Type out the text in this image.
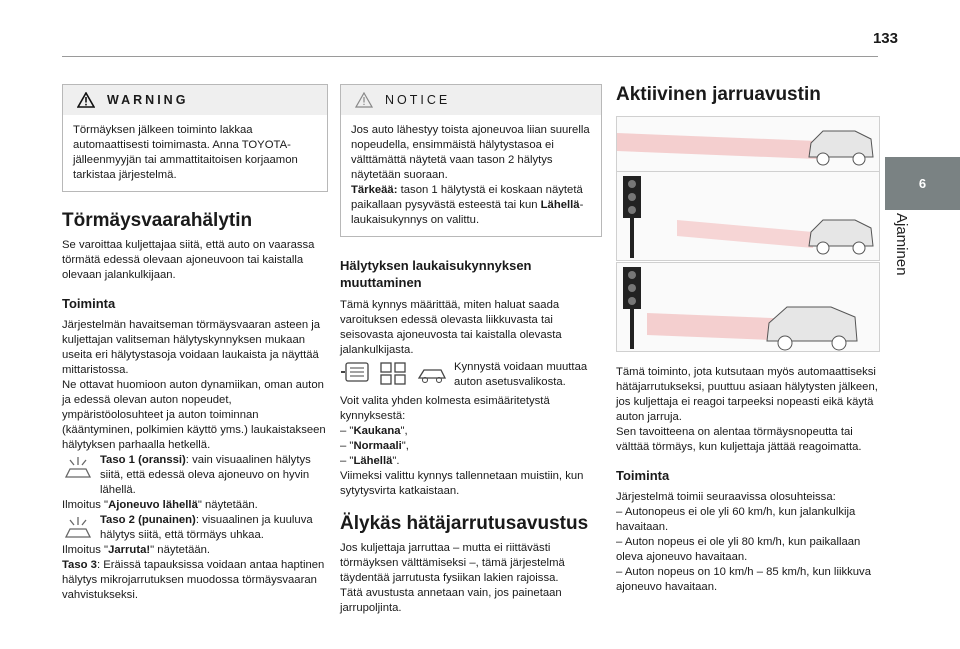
133
6
Ajaminen
WARNING

Törmäyksen jälkeen toiminto lakkaa automaattisesti toimimasta. Anna TOYOTA-jälleenmyyjän tai ammattitaitoisen korjaamon tarkistaa järjestelmä.

Törmäysvaarahälytin

Se varoittaa kuljettajaa siitä, että auto on vaarassa törmätä edessä olevaan ajoneuvoon tai kaistalla olevaan jalankulkijaan.

Toiminta

Järjestelmän havaitseman törmäysvaaran asteen ja kuljettajan valitseman hälytyskynnyksen mukaan useita eri hälytystasoja voidaan laukaista ja näyttää mittaristossa.

Ne ottavat huomioon auton dynamiikan, oman auton ja edessä olevan auton nopeudet, ympäristöolosuhteet ja auton toiminnan (kääntyminen, polkimien käyttö yms.) laukaistakseen hälytyksen parhaalla hetkellä.

Taso 1 (oranssi): vain visuaalinen hälytys siitä, että edessä oleva ajoneuvo on hyvin lähellä.

Ilmoitus "Ajoneuvo lähellä" näytetään.

Taso 2 (punainen): visuaalinen ja kuuluva hälytys siitä, että törmäys uhkaa.

Ilmoitus "Jarruta!" näytetään.

Taso 3: Eräissä tapauksissa voidaan antaa haptinen hälytys mikrojarrutuksen muodossa törmäysvaaran vahvistukseksi.

NOTICE

Jos auto lähestyy toista ajoneuvoa liian suurella nopeudella, ensimmäistä hälytystasoa ei välttämättä näytetä vaan tason 2 hälytys näytetään suoraan.

Tärkeää: tason 1 hälytystä ei koskaan näytetä paikallaan pysyvästä esteestä tai kun Lähellä-laukaisukynnys on valittu.

Hälytyksen laukaisukynnyksen muuttaminen

Tämä kynnys määrittää, miten haluat saada varoituksen edessä olevasta liikkuvasta tai seisovasta ajoneuvosta tai kaistalla olevasta jalankulkijasta.

Kynnystä voidaan muuttaa auton asetusvalikosta.

Voit valita yhden kolmesta esimääritetystä kynnyksestä:

– "Kaukana",

– "Normaali",

– "Lähellä".

Viimeksi valittu kynnys tallennetaan muistiin, kun sytytysvirta katkaistaan.

Älykäs hätäjarrutusavustus

Jos kuljettaja jarruttaa – mutta ei riittävästi törmäyksen välttämiseksi –, tämä järjestelmä täydentää jarrutusta fysiikan lakien rajoissa.

Tätä avustusta annetaan vain, jos painetaan jarrupoljinta.

Aktiivinen jarruavustin

Tämä toiminto, jota kutsutaan myös automaattiseksi hätäjarrutukseksi, puuttuu asiaan hälytysten jälkeen, jos kuljettaja ei reagoi tarpeeksi nopeasti eikä käytä auton jarruja.

Sen tavoitteena on alentaa törmäysnopeutta tai välttää törmäys, kun kuljettaja jättää reagoimatta.

Toiminta

Järjestelmä toimii seuraavissa olosuhteissa:

– Autonopeus ei ole yli 60 km/h, kun jalankulkija havaitaan.

– Auton nopeus ei ole yli 80 km/h, kun paikallaan oleva ajoneuvo havaitaan.

– Auton nopeus on 10 km/h – 85 km/h, kun liikkuva ajoneuvo havaitaan.
